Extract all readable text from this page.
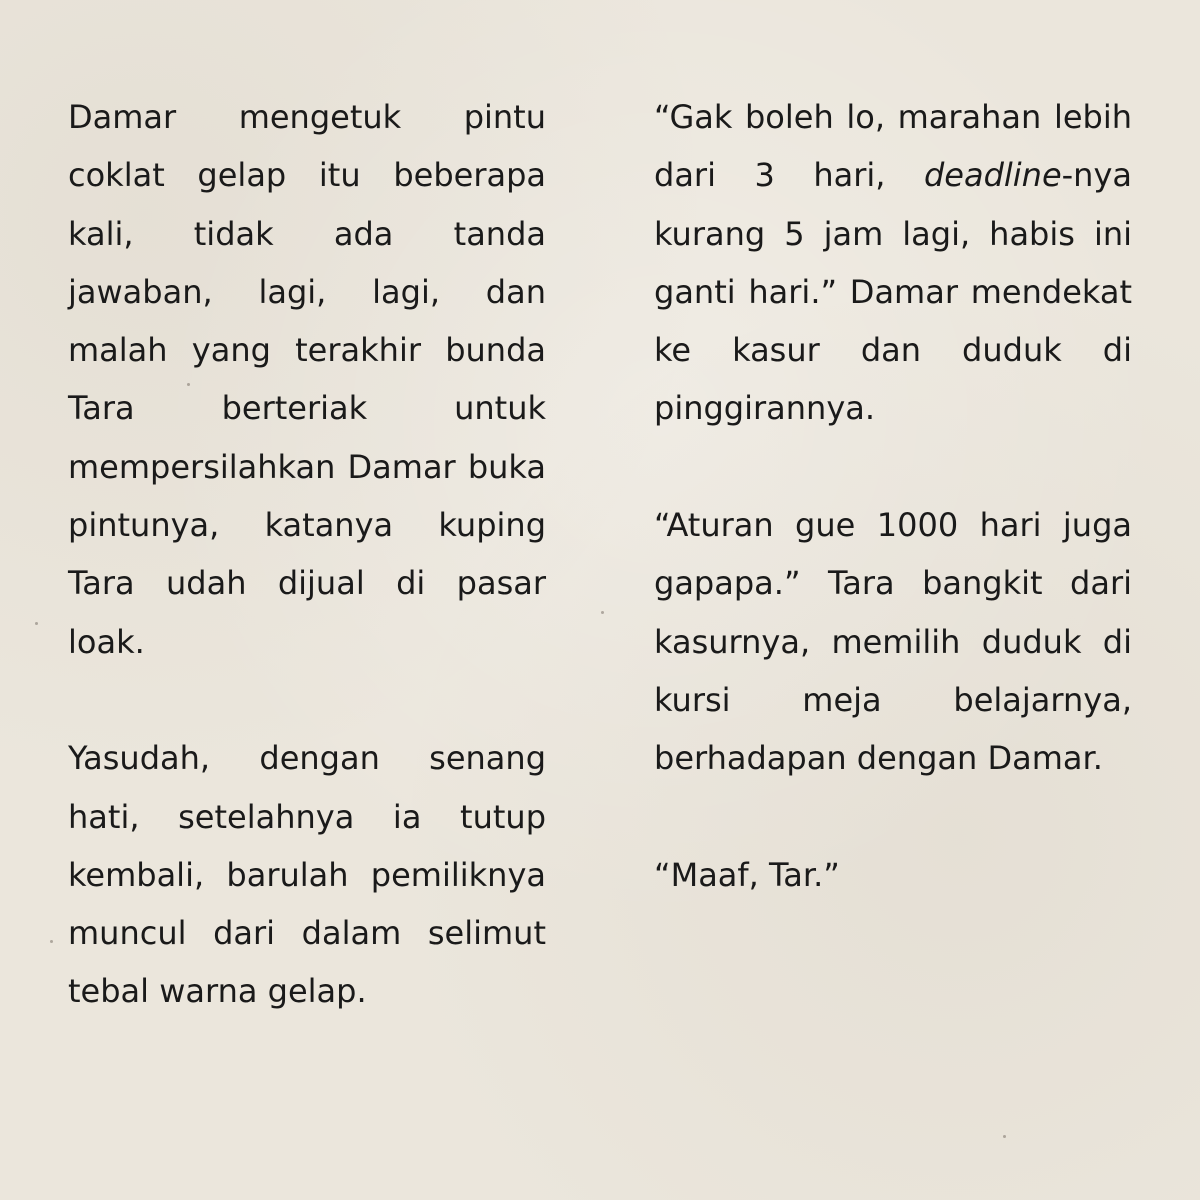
Damar mengetuk pintu coklat gelap itu beberapa kali, tidak ada tanda jawaban, lagi, lagi, dan malah yang terakhir bunda Tara berteriak untuk mempersilahkan Damar buka pintunya, katanya kuping Tara udah dijual di pasar loak.

Yasudah, dengan senang hati, setelahnya ia tutup kembali, barulah pemiliknya muncul dari dalam selimut tebal warna gelap.

“Gak boleh lo, marahan lebih dari 3 hari, deadline-nya kurang 5 jam lagi, habis ini ganti hari.” Damar mendekat ke kasur dan duduk di pinggirannya.

“Aturan gue 1000 hari juga gapapa.” Tara bangkit dari kasurnya, memilih duduk di kursi meja belajarnya, berhadapan dengan Damar.

“Maaf, Tar.”
